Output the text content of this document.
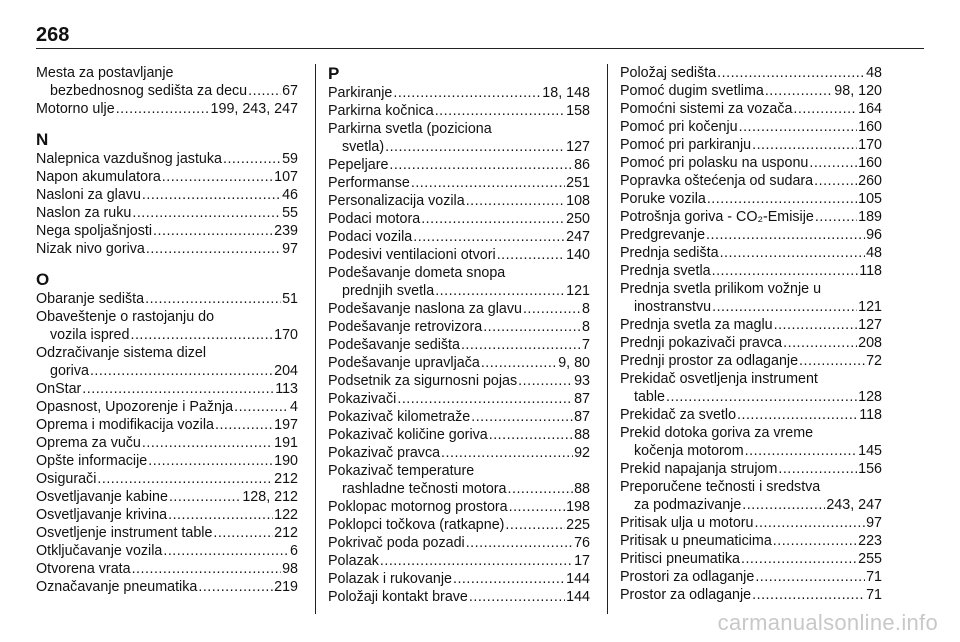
268
Mesta za postavljanje
bezbednosnog sedišta za decu ..... 67
Motorno ulje .....	199, 243, 247
N
Nalepnica vazdušnog jastuka .....	59
Napon akumulatora .....	107
Nasloni za glavu .....	46
Naslon za ruku .....	55
Nega spoljašnjosti .....	239
Nizak nivo goriva .....	97
O
Obaranje sedišta .....	51
Obaveštenje o rastojanju do
vozila ispred .....	170
Odzračivanje sistema dizel
goriva .....	204
OnStar .....	113
Opasnost, Upozorenje i Pažnja .....	4
Oprema i modifikacija vozila .....	197
Oprema za vuču .....	191
Opšte informacije .....	190
Osigurači .....	212
Osvetljavanje kabine .....	128, 212
Osvetljavanje krivina .....	122
Osvetljenje instrument table .....	212
Otključavanje vozila .....	6
Otvorena vrata .....	98
Označavanje pneumatika .....	219
P
Parkiranje .....	18, 148
Parkirna kočnica .....	158
Parkirna svetla (poziciona
svetla) .....	127
Pepeljare .....	86
Performanse .....	251
Personalizacija vozila .....	108
Podaci motora .....	250
Podaci vozila .....	247
Podesivi ventilacioni otvori .....	140
Podešavanje dometa snopa
prednjih svetla .....	121
Podešavanje naslona za glavu .....	8
Podešavanje retrovizora .....	8
Podešavanje sedišta .....	7
Podešavanje upravljača .....	9, 80
Podsetnik za sigurnosni pojas .....	93
Pokazivači .....	87
Pokazivač kilometraže .....	87
Pokazivač količine goriva .....	88
Pokazivač pravca .....	92
Pokazivač temperature
rashladne tečnosti motora .....	88
Poklopac motornog prostora .....	198
Poklopci točkova (ratkapne) .....	225
Pokrivač poda pozadi .....	76
Polazak .....	17
Polazak i rukovanje .....	144
Položaji kontakt brave .....	144
Položaj sedišta .....	48
Pomoć dugim svetlima .....	98, 120
Pomoćni sistemi za vozača .....	164
Pomoć pri kočenju .....	160
Pomoć pri parkiranju .....	170
Pomoć pri polasku na usponu .....	160
Popravka oštećenja od sudara .....	260
Poruke vozila .....	105
Potrošnja goriva - CO₂-Emisije .....	189
Predgrevanje .....	96
Prednja sedišta .....	48
Prednja svetla .....	118
Prednja svetla prilikom vožnje u
inostranstvu .....	121
Prednja svetla za maglu .....	127
Prednji pokazivači pravca .....	208
Prednji prostor za odlaganje .....	72
Prekidač osvetljenja instrument
table .....	128
Prekidač za svetlo .....	118
Prekid dotoka goriva za vreme
kočenja motorom .....	145
Prekid napajanja strujom .....	156
Preporučene tečnosti i sredstva
za podmazivanje .....	243, 247
Pritisak ulja u motoru .....	97
Pritisak u pneumaticima .....	223
Pritisci pneumatika .....	255
Prostori za odlaganje .....	71
Prostor za odlaganje .....	71
carmanualsonline.info
